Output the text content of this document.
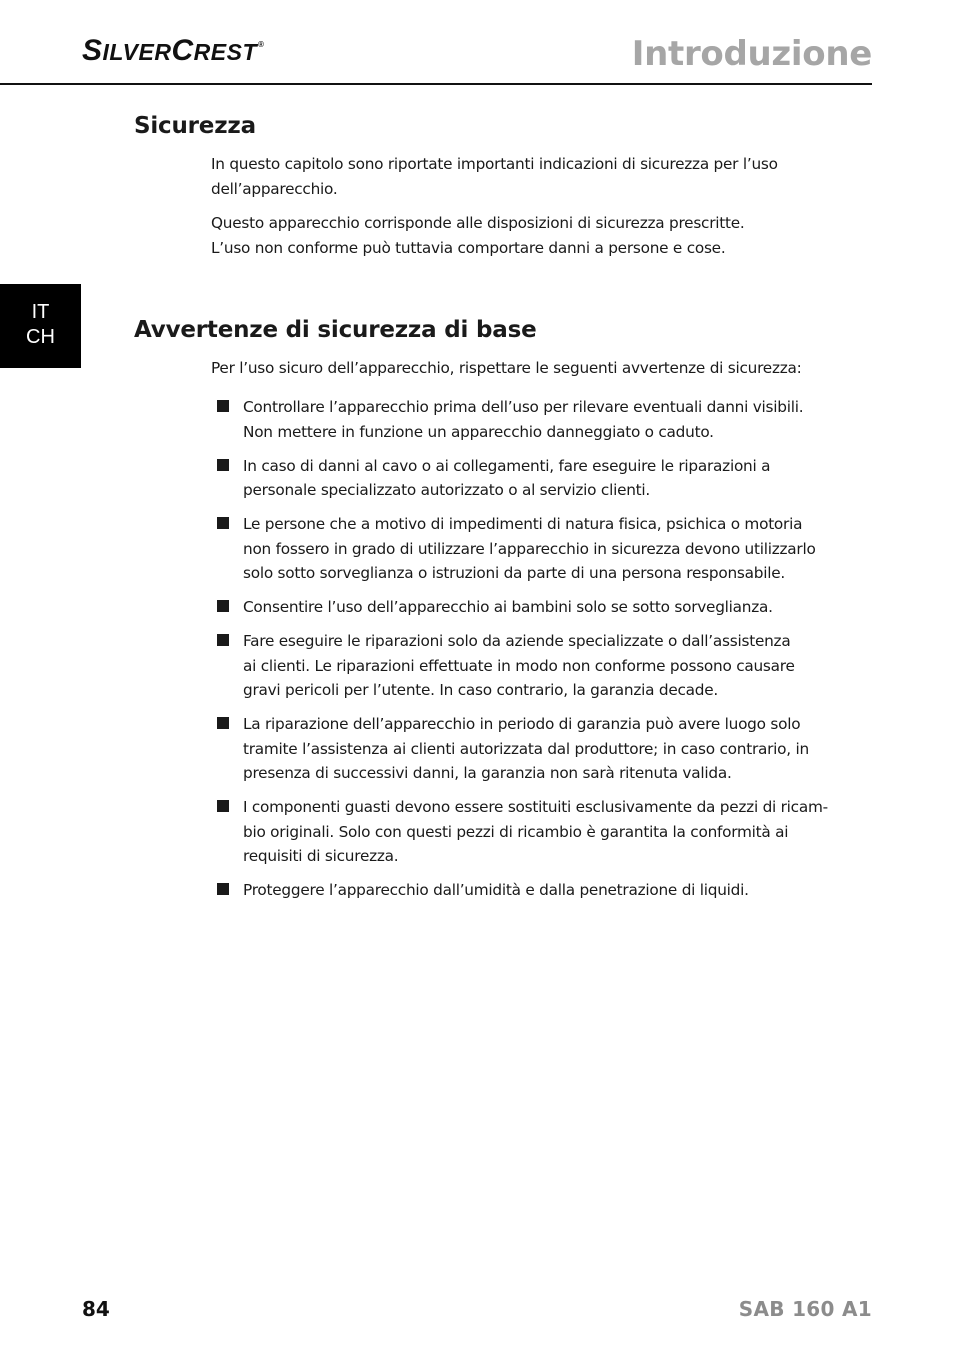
SILVERCREST®	Introduzione
IT
CH
Sicurezza
In questo capitolo sono riportate importanti indicazioni di sicurezza per l’uso
dell’apparecchio.
Questo apparecchio corrisponde alle disposizioni di sicurezza prescritte.
L’uso non conforme può tuttavia comportare danni a persone e cose.
Avvertenze di sicurezza di base
Per l’uso sicuro dell’apparecchio, rispettare le seguenti avvertenze di sicurezza:
Controllare l’apparecchio prima dell’uso per rilevare eventuali danni visibili.
Non mettere in funzione un apparecchio danneggiato o caduto.
In caso di danni al cavo o ai collegamenti, fare eseguire le riparazioni a
personale specializzato autorizzato o al servizio clienti.
Le persone che a motivo di impedimenti di natura fisica, psichica o motoria
non fossero in grado di utilizzare l’apparecchio in sicurezza devono utilizzarlo
solo sotto sorveglianza o istruzioni da parte di una persona responsabile.
Consentire l’uso dell’apparecchio ai bambini solo se sotto sorveglianza.
Fare eseguire le riparazioni solo da aziende specializzate o dall’assistenza
ai clienti. Le riparazioni effettuate in modo non conforme possono causare
gravi pericoli per l’utente. In caso contrario, la garanzia decade.
La riparazione dell’apparecchio in periodo di garanzia può avere luogo solo
tramite l’assistenza ai clienti autorizzata dal produttore; in caso contrario, in
presenza di successivi danni, la garanzia non sarà ritenuta valida.
I componenti guasti devono essere sostituiti esclusivamente da pezzi di ricam-
bio originali. Solo con questi pezzi di ricambio è garantita la conformità ai
requisiti di sicurezza.
Proteggere l’apparecchio dall’umidità e dalla penetrazione di liquidi.
84	SAB 160 A1
